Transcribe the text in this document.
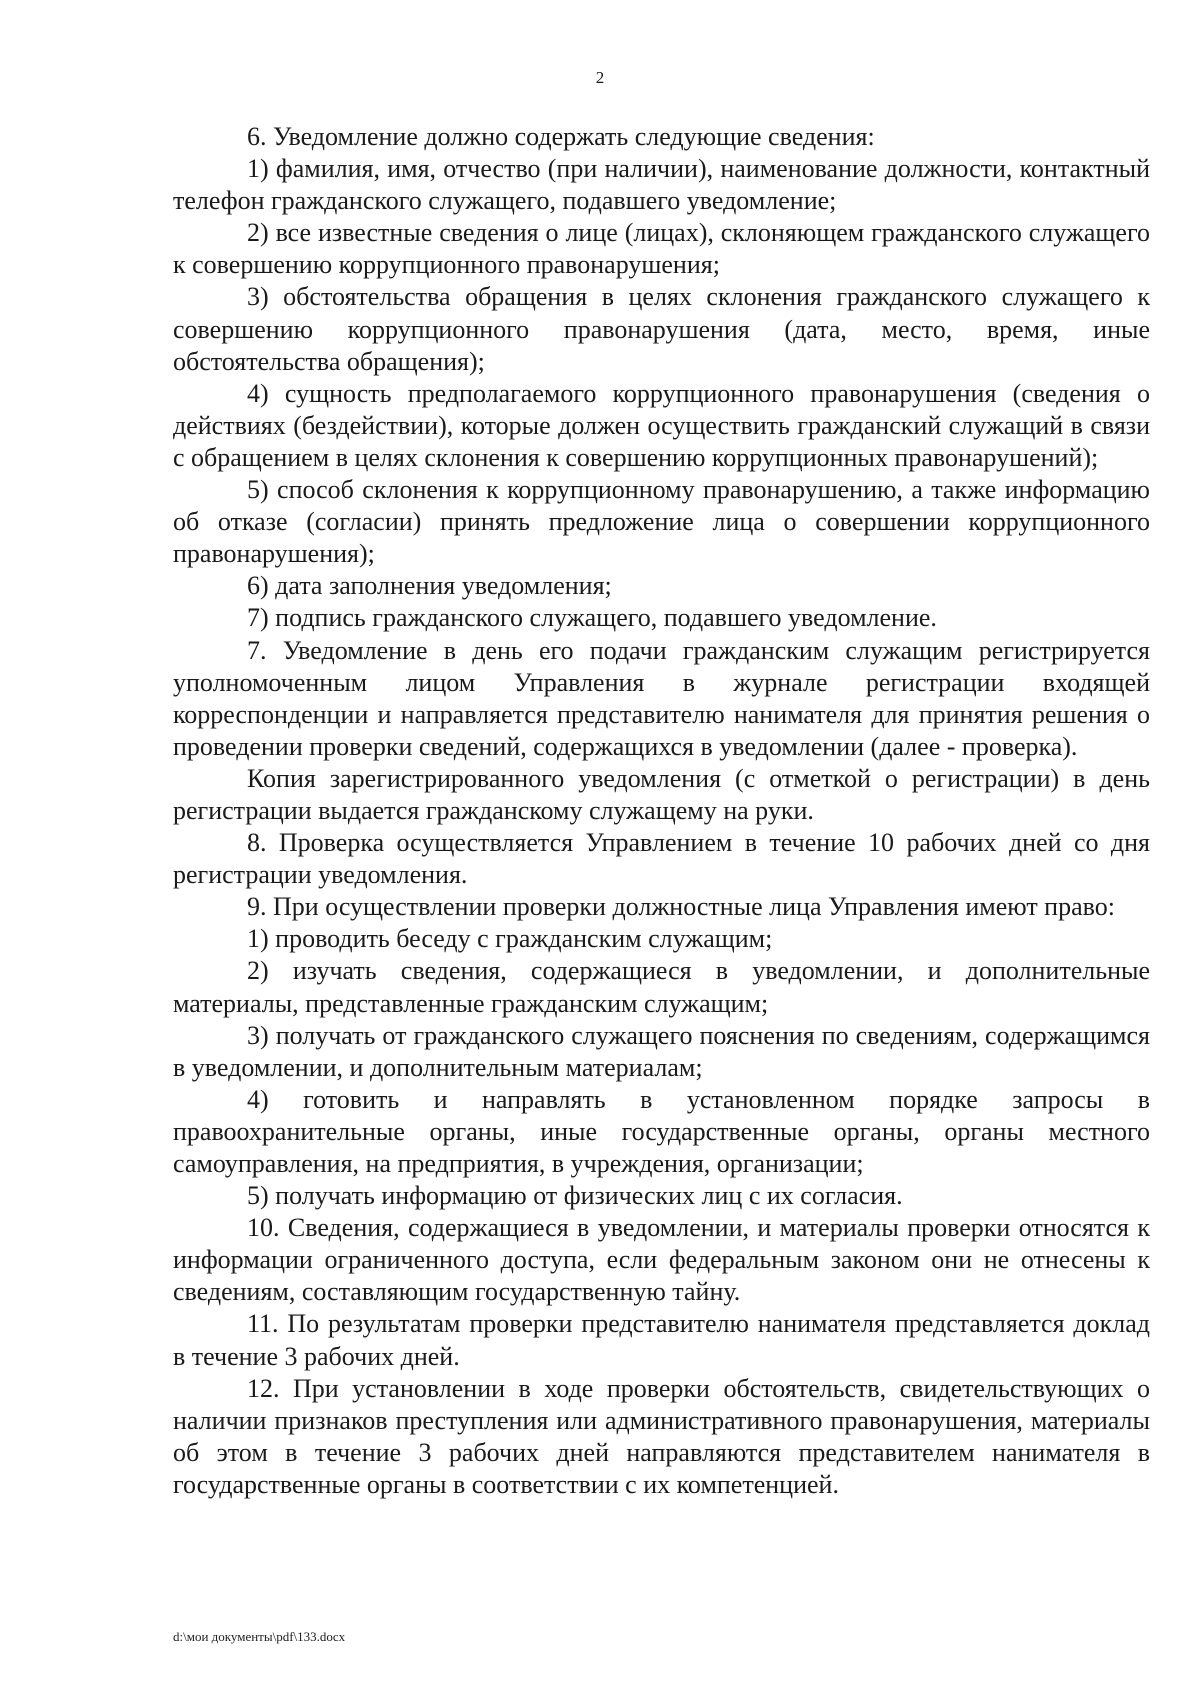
2

6. Уведомление должно содержать следующие сведения:

1) фамилия, имя, отчество (при наличии), наименование должности, контактный телефон гражданского служащего, подавшего уведомление;

2) все известные сведения о лице (лицах), склоняющем гражданского служащего к совершению коррупционного правонарушения;

3) обстоятельства обращения в целях склонения гражданского служащего к совершению коррупционного правонарушения (дата, место, время, иные обстоятельства обращения);

4) сущность предполагаемого коррупционного правонарушения (сведения о действиях (бездействии), которые должен осуществить гражданский служащий в связи с обращением в целях склонения к совершению коррупционных правонарушений);

5) способ склонения к коррупционному правонарушению, а также информацию об отказе (согласии) принять предложение лица о совершении коррупционного правонарушения);

6) дата заполнения уведомления;

7) подпись гражданского служащего, подавшего уведомление.

7. Уведомление в день его подачи гражданским служащим регистрируется уполномоченным лицом Управления в журнале регистрации входящей корреспонденции и направляется представителю нанимателя для принятия решения о проведении проверки сведений, содержащихся в уведомлении (далее - проверка).

Копия зарегистрированного уведомления (с отметкой о регистрации) в день регистрации выдается гражданскому служащему на руки.

8. Проверка осуществляется Управлением в течение 10 рабочих дней со дня регистрации уведомления.

9. При осуществлении проверки должностные лица Управления имеют право:

1) проводить беседу с гражданским служащим;

2) изучать сведения, содержащиеся в уведомлении, и дополнительные материалы, представленные гражданским служащим;

3) получать от гражданского служащего пояснения по сведениям, содержащимся в уведомлении, и дополнительным материалам;

4) готовить и направлять в установленном порядке запросы в правоохранительные органы, иные государственные органы, органы местного самоуправления, на предприятия, в учреждения, организации;

5) получать информацию от физических лиц с их согласия.

10. Сведения, содержащиеся в уведомлении, и материалы проверки относятся к информации ограниченного доступа, если федеральным законом они не отнесены к сведениям, составляющим государственную тайну.

11. По результатам проверки представителю нанимателя представляется доклад в течение 3 рабочих дней.

12. При установлении в ходе проверки обстоятельств, свидетельствующих о наличии признаков преступления или административного правонарушения, материалы об этом в течение 3 рабочих дней направляются представителем нанимателя в государственные органы в соответствии с их компетенцией.

d:\мои документы\pdf\133.docx
